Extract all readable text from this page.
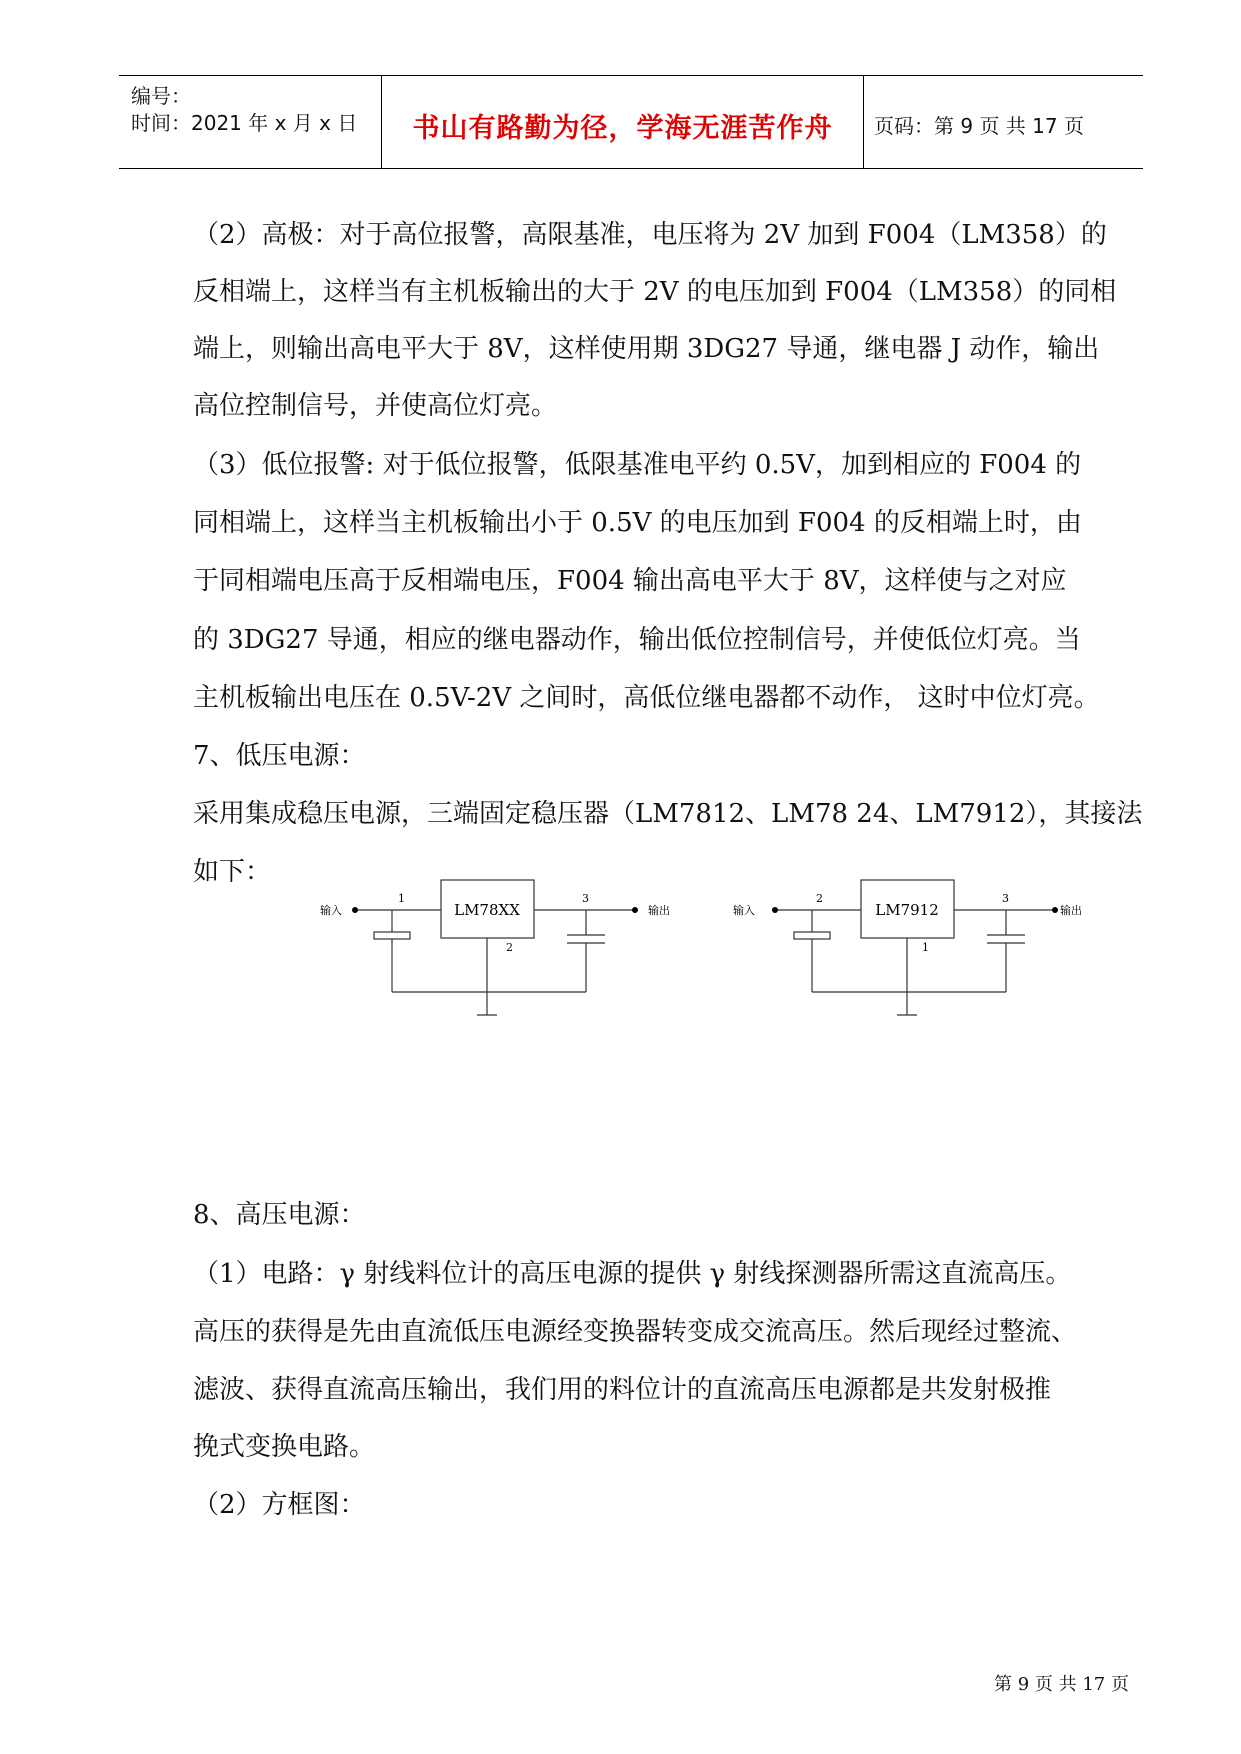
编号：
时间：2021 年 x 月 x 日	书山有路勤为径，学海无涯苦作舟	页码：第 9 页 共 17 页
（2）高极：对于高位报警，高限基准，电压将为 2V 加到 F004（LM358）的
反相端上，这样当有主机板输出的大于 2V 的电压加到 F004（LM358）的同相
端上，则输出高电平大于 8V，这样使用期 3DG27 导通，继电器 J 动作，输出
高位控制信号，并使高位灯亮。
（3）低位报警: 对于低位报警，低限基准电平约 0.5V，加到相应的 F004 的
同相端上，这样当主机板输出小于 0.5V 的电压加到 F004 的反相端上时，由
于同相端电压高于反相端电压，F004 输出高电平大于 8V，这样使与之对应
的 3DG27 导通，相应的继电器动作，输出低位控制信号，并使低位灯亮。当
主机板输出电压在 0.5V-2V 之间时，高低位继电器都不动作， 这时中位灯亮。
7、低压电源：
采用集成稳压电源，三端固定稳压器（LM7812、LM78 24、LM7912），其接法
如下：
LM78XX
输入	输出
1	3
2
LM7912
输入	输出
2	3
1
8、高压电源：
（1）电路：γ 射线料位计的高压电源的提供 γ 射线探测器所需这直流高压。
高压的获得是先由直流低压电源经变换器转变成交流高压。然后现经过整流、
滤波、获得直流高压输出，我们用的料位计的直流高压电源都是共发射极推
挽式变换电路。
（2）方框图：
第 9 页 共 17 页
